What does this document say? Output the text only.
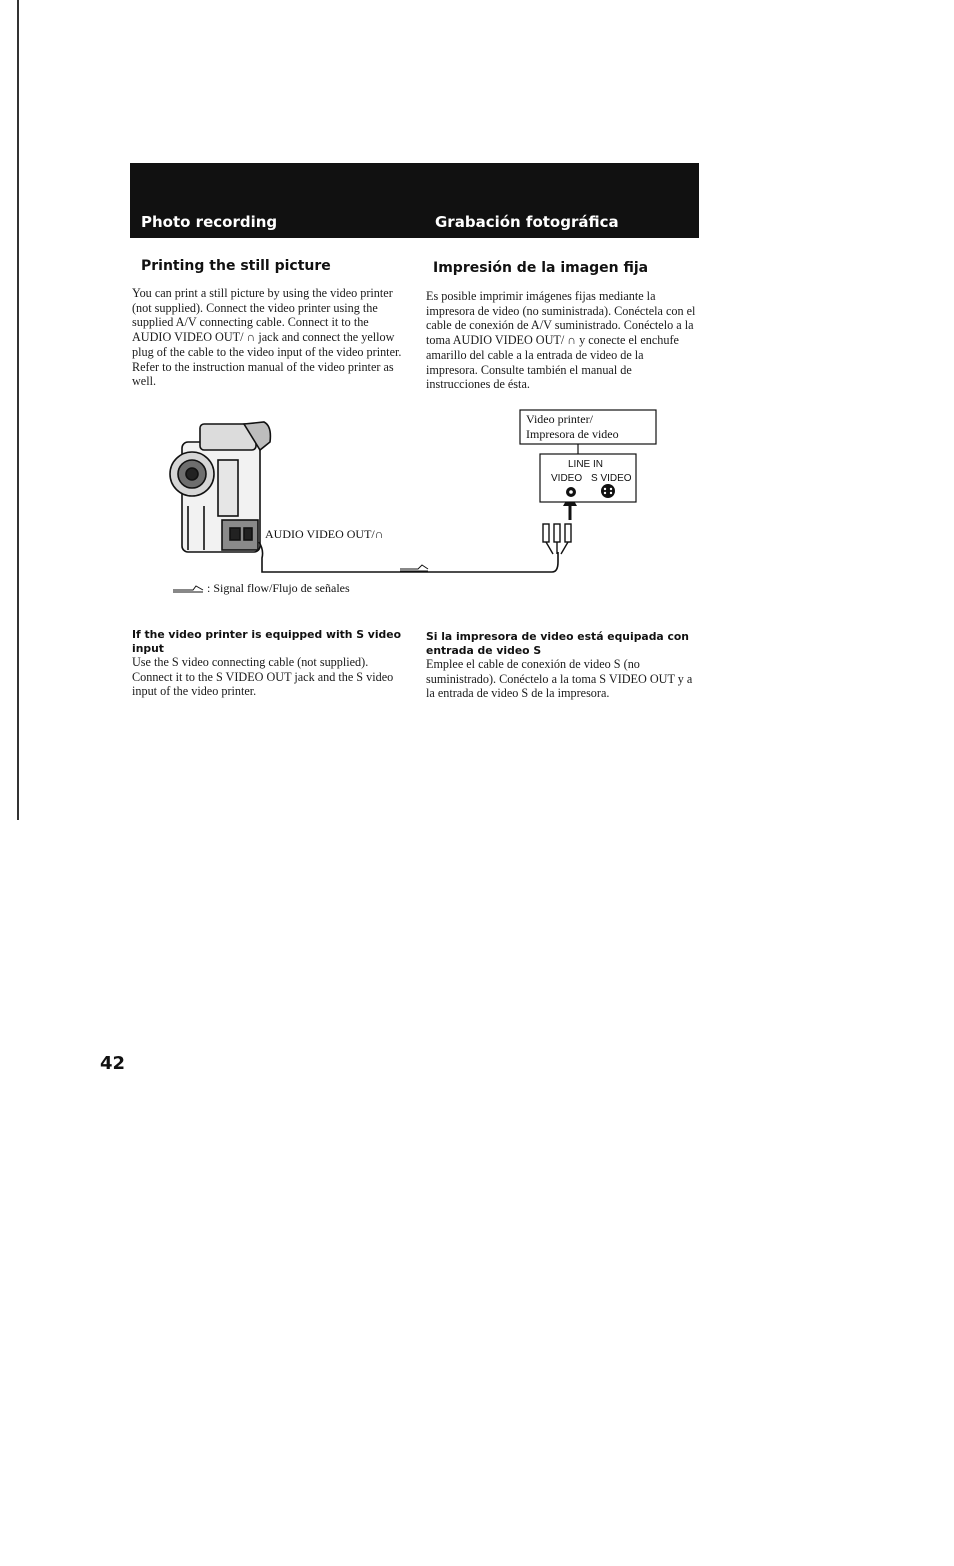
Photo recording	Grabación fotográfica
Printing the still picture

You can print a still picture by using the video printer (not supplied). Connect the video printer using the supplied A/V connecting cable. Connect it to the AUDIO VIDEO OUT/ ∩ jack and connect the yellow plug of the cable to the video input of the video printer. Refer to the instruction manual of the video printer as well.

Impresión de la imagen fija

Es posible imprimir imágenes fijas mediante la impresora de video (no suministrada). Conéctela con el cable de conexión de A/V suministrado. Conéctelo a la toma AUDIO VIDEO OUT/ ∩ y conecte el enchufe amarillo del cable a la entrada de video de la impresora. Consulte también el manual de instrucciones de ésta.

AUDIO VIDEO OUT/∩
Video printer/
Impresora de video
LINE IN
VIDEO S VIDEO
: Signal flow/Flujo de señales

If the video printer is equipped with S video input

Use the S video connecting cable (not supplied). Connect it to the S VIDEO OUT jack and the S video input of the video printer.

Si la impresora de video está equipada con entrada de video S

Emplee el cable de conexión de video S (no suministrado). Conéctelo a la toma S VIDEO OUT y a la entrada de video S de la impresora.

42
